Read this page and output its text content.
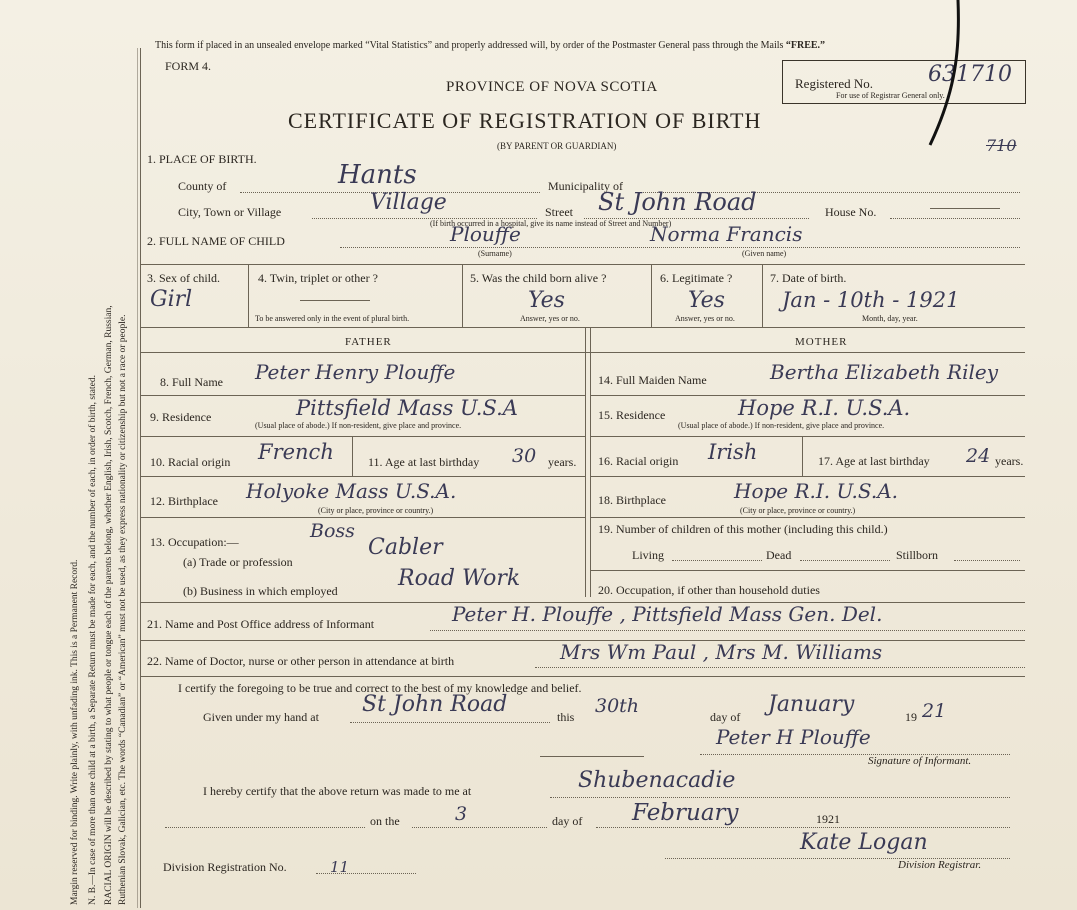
Margin reserved for binding. Write plainly, with unfading ink. This is a Permanent Record. N. B.—In case of more than one child at a birth, a Separate Return must be made for each, and the number of each, in order of birth, stated. RACIAL ORIGIN will be described by stating to what people or tongue each of the parents belong, whether English, Irish, Scotch, French, German, Russian, Ruthenian Slovak, Galician, etc. The words “Canadian” or “American” must not be used, as they express nationality or citizenship but not a race or people.
This form if placed in an unsealed envelope marked “Vital Statistics” and properly addressed will, by order of the Postmaster General pass through the Mails “FREE.”
FORM 4.
PROVINCE OF NOVA SCOTIA
CERTIFICATE OF REGISTRATION OF BIRTH
(BY PARENT OR GUARDIAN)
Registered No.	631710
For use of Registrar General only.
710
1. PLACE OF BIRTH.
County of	Hants	Municipality of
City, Town or Village	Village	Street St John Road	House No.
(If birth occurred in a hospital, give its name instead of Street and Number)
2. FULL NAME OF CHILD	Plouffe	Norma Francis
(Surname)	(Given name)
3. Sex of child.
Girl
4. Twin, triplet or other ?
To be answered only in the event of plural birth.
5. Was the child born alive ?
Yes
Answer, yes or no.
6. Legitimate ?
Yes
Answer, yes or no.
7. Date of birth.
Jan - 10th - 1921
Month, day, year.
FATHER	MOTHER
8. Full Name Peter Henry Plouffe
9. Residence	Pittsfield Mass U.S.A
(Usual place of abode.) If non-resident, give place and province.
10. Racial origin French	11. Age at last birthday 30 years.
12. Birthplace Holyoke Mass U.S.A.
(City or place, province or country.)
13. Occupation:—	Boss
(a) Trade or profession
Cabler
(b) Business in which employed	Road Work
14. Full Maiden Name	Bertha Elizabeth Riley
15. Residence	Hope R.I. U.S.A.
(Usual place of abode.) If non-resident, give place and province.
16. Racial origin Irish	17. Age at last birthday 24 years.
18. Birthplace	Hope R.I. U.S.A.
(City or place, province or country.)
19. Number of children of this mother (including this child.)
Living	Dead	Stillborn
20. Occupation, if other than household duties
21. Name and Post Office address of Informant	Peter H. Plouffe , Pittsfield Mass Gen. Del.
22. Name of Doctor, nurse or other person in attendance at birth	Mrs Wm Paul , Mrs M. Williams
I certify the foregoing to be true and correct to the best of my knowledge and belief.
Given under my hand at St John Road	this 30th	day of January	19 21
Peter H Plouffe
Signature of Informant.
I hereby certify that the above return was made to me at	Shubenacadie
on the	3	day of February	1921
Division Registration No.	11
Kate Logan
Division Registrar.
